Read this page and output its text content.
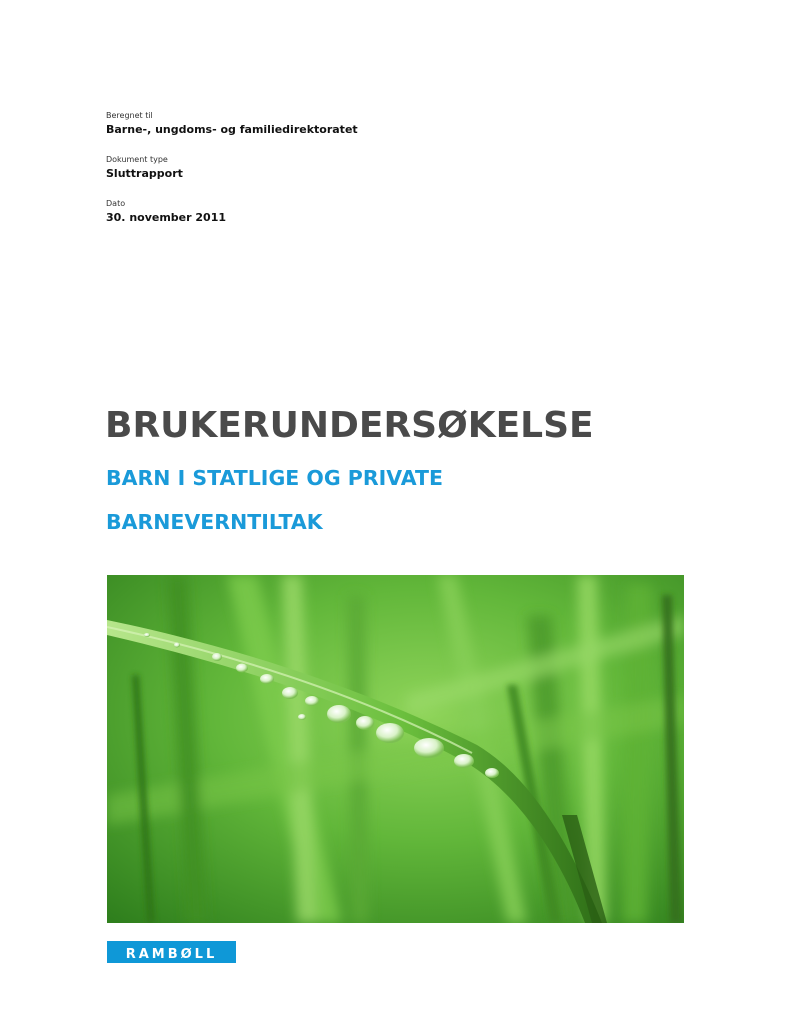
Beregnet til
Barne-, ungdoms- og familiedirektoratet
Dokument type
Sluttrapport
Dato
30. november 2011
BRUKERUNDERSØKELSE
BARN I STATLIGE OG PRIVATE
BARNEVERNTILTAK
RAMBØLL
